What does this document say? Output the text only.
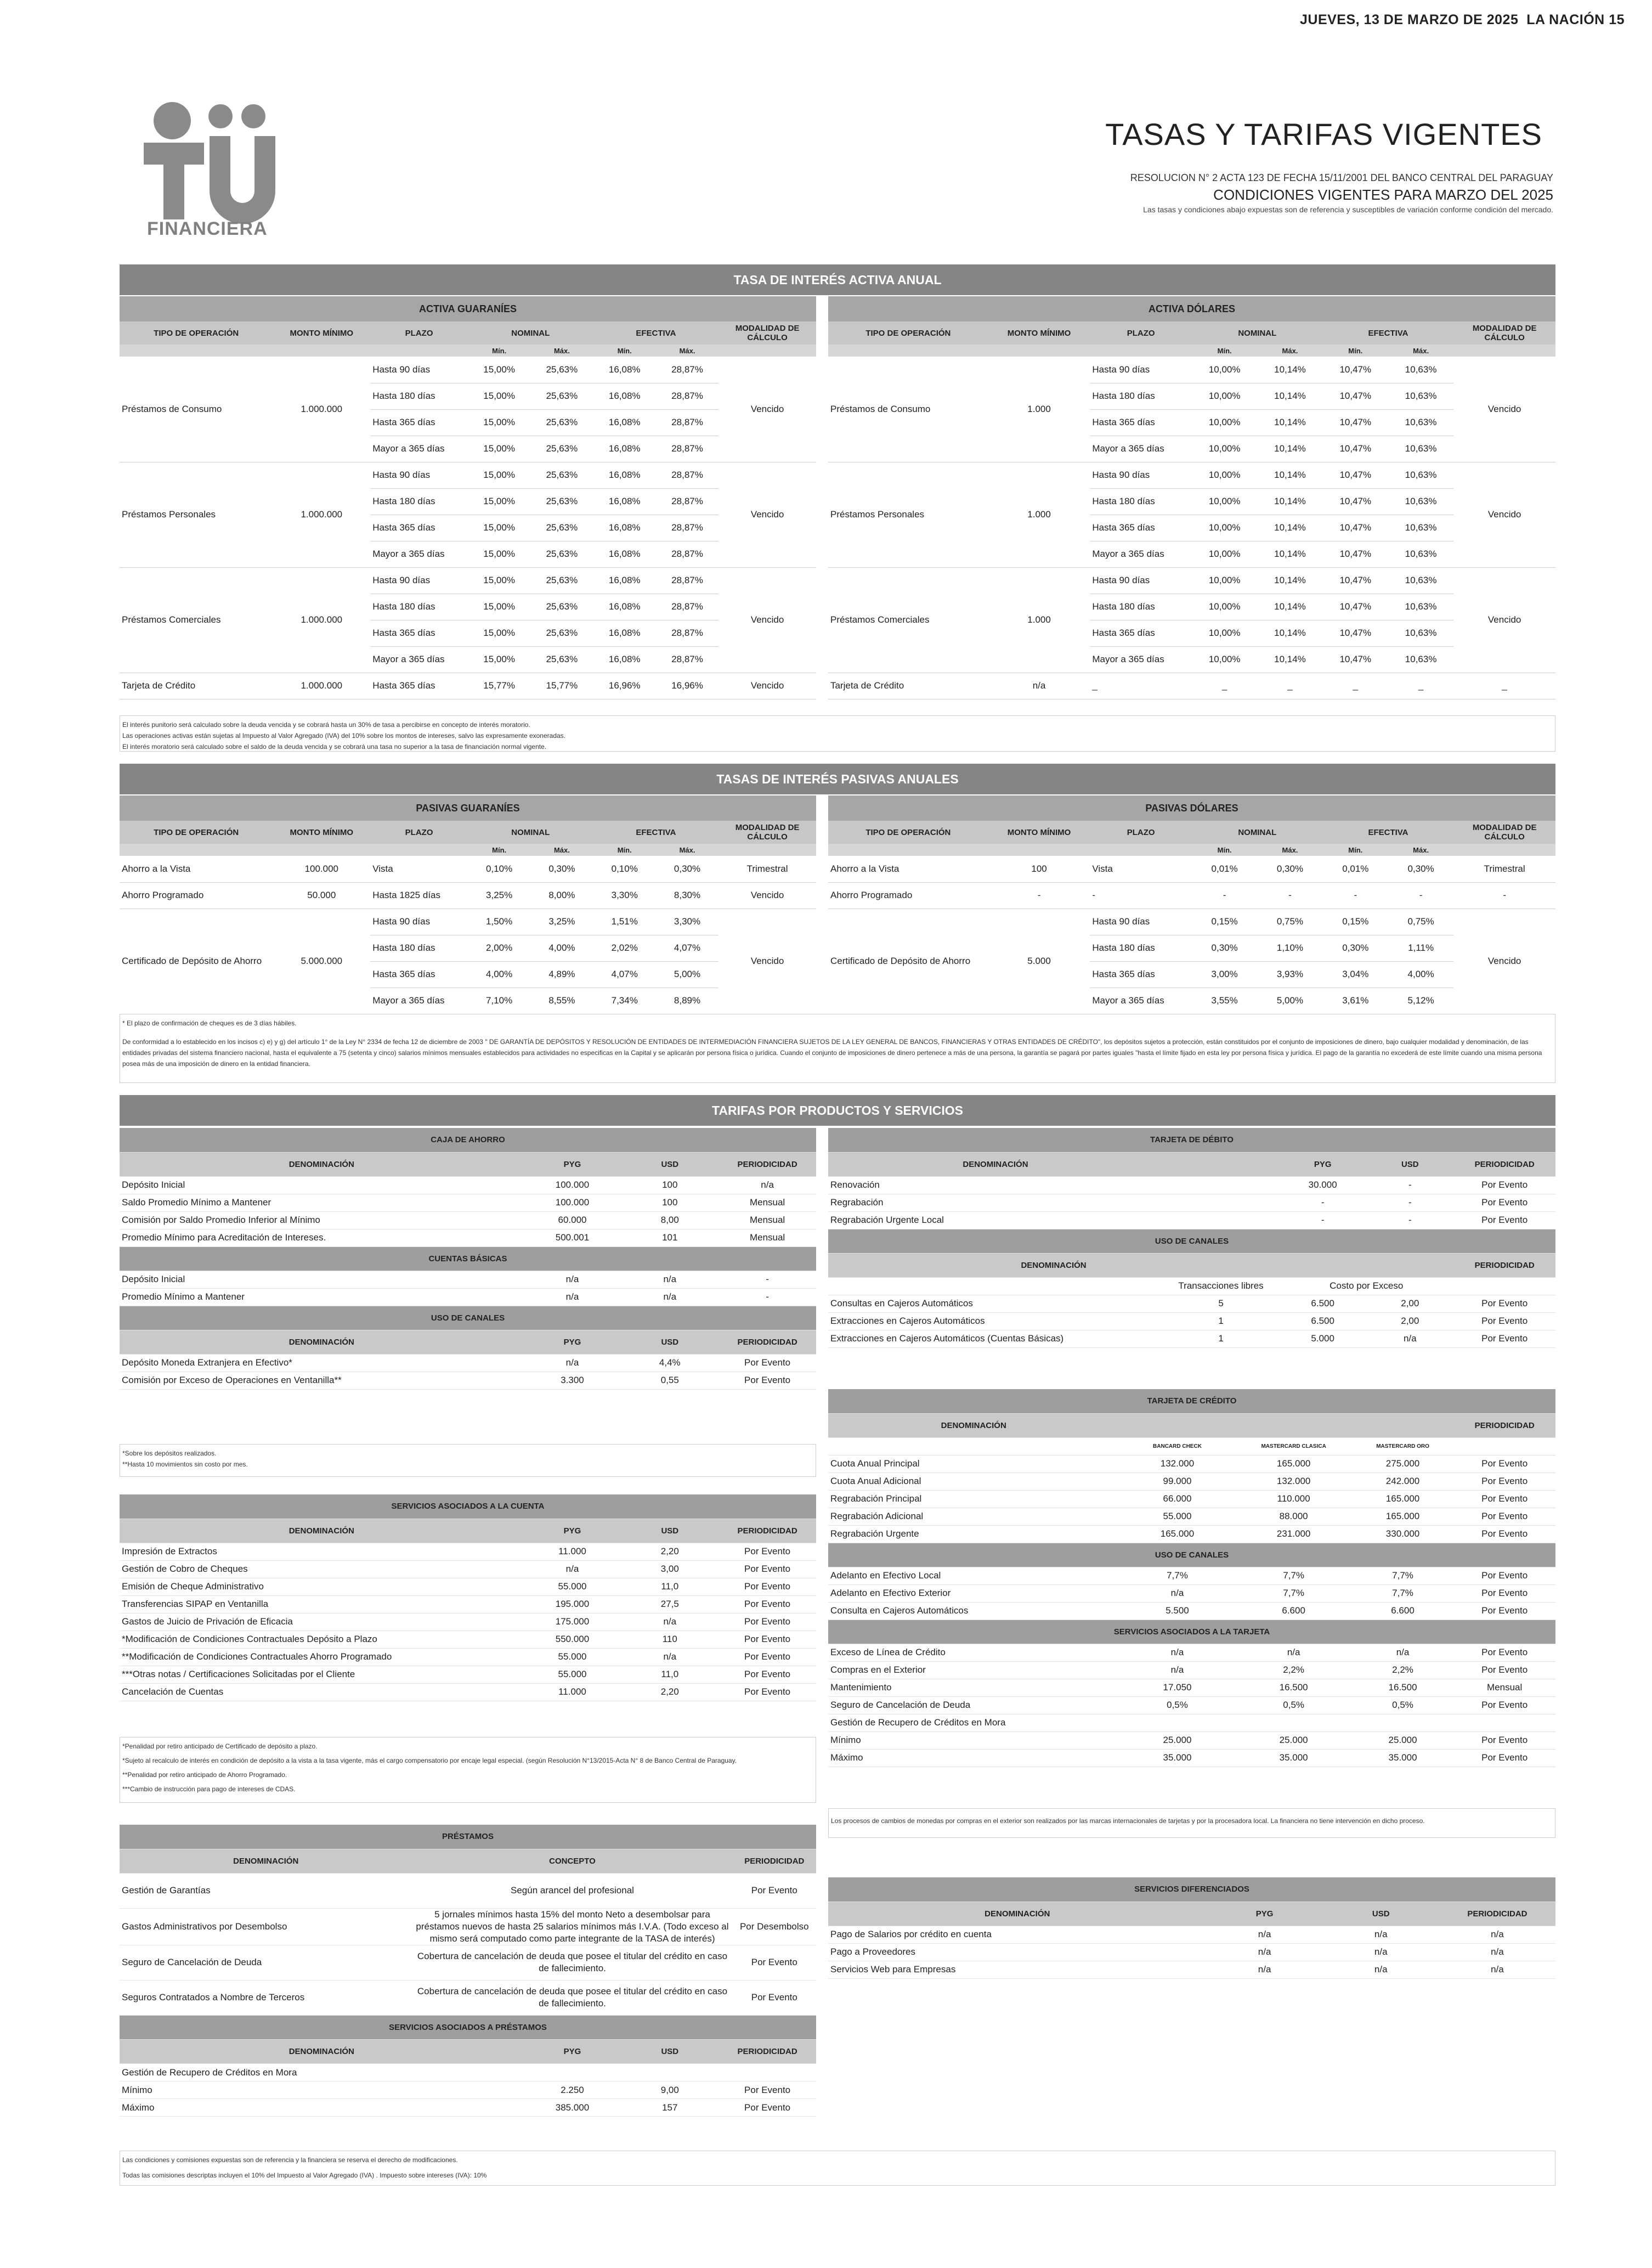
JUEVES, 13 DE MARZO DE 2025 LA NACIÓN 15
FINANCIERA
TASAS Y TARIFAS VIGENTES
RESOLUCION N° 2 ACTA 123 DE FECHA 15/11/2001 DEL BANCO CENTRAL DEL PARAGUAY
CONDICIONES VIGENTES PARA MARZO DEL 2025
Las tasas y condiciones abajo expuestas son de referencia y susceptibles de variación conforme condición del mercado.
TASA DE INTERÉS ACTIVA ANUAL
ACTIVA GUARANÍES							
TIPO DE OPERACIÓN	MONTO MÍNIMO	PLAZO	NOMINAL		EFECTIVA		MODALIDAD DE CÁLCULO
			Mín.	Máx.	Mín.	Máx.	
Préstamos de Consumo	1.000.000	Hasta 90 días	15,00%	25,63%	16,08%	28,87%	Vencido
		Hasta 180 días	15,00%	25,63%	16,08%	28,87%	
		Hasta 365 días	15,00%	25,63%	16,08%	28,87%	
		Mayor a 365 días	15,00%	25,63%	16,08%	28,87%	
Préstamos Personales	1.000.000	Hasta 90 días	15,00%	25,63%	16,08%	28,87%	Vencido
		Hasta 180 días	15,00%	25,63%	16,08%	28,87%	
		Hasta 365 días	15,00%	25,63%	16,08%	28,87%	
		Mayor a 365 días	15,00%	25,63%	16,08%	28,87%	
Préstamos Comerciales	1.000.000	Hasta 90 días	15,00%	25,63%	16,08%	28,87%	Vencido
		Hasta 180 días	15,00%	25,63%	16,08%	28,87%	
		Hasta 365 días	15,00%	25,63%	16,08%	28,87%	
		Mayor a 365 días	15,00%	25,63%	16,08%	28,87%	
Tarjeta de Crédito	1.000.000	Hasta 365 días	15,77%	15,77%	16,96%	16,96%	Vencido
ACTIVA DÓLARES							
TIPO DE OPERACIÓN	MONTO MÍNIMO	PLAZO	NOMINAL		EFECTIVA		MODALIDAD DE CÁLCULO
			Mín.	Máx.	Mín.	Máx.	
Préstamos de Consumo	1.000	Hasta 90 días	10,00%	10,14%	10,47%	10,63%	Vencido
		Hasta 180 días	10,00%	10,14%	10,47%	10,63%	
		Hasta 365 días	10,00%	10,14%	10,47%	10,63%	
		Mayor a 365 días	10,00%	10,14%	10,47%	10,63%	
Préstamos Personales	1.000	Hasta 90 días	10,00%	10,14%	10,47%	10,63%	Vencido
		Hasta 180 días	10,00%	10,14%	10,47%	10,63%	
		Hasta 365 días	10,00%	10,14%	10,47%	10,63%	
		Mayor a 365 días	10,00%	10,14%	10,47%	10,63%	
Préstamos Comerciales	1.000	Hasta 90 días	10,00%	10,14%	10,47%	10,63%	Vencido
		Hasta 180 días	10,00%	10,14%	10,47%	10,63%	
		Hasta 365 días	10,00%	10,14%	10,47%	10,63%	
		Mayor a 365 días	10,00%	10,14%	10,47%	10,63%	
Tarjeta de Crédito	n/a	_	_	_	_	_	_
El interés punitorio será calculado sobre la deuda vencida y se cobrará hasta un 30% de tasa a percibirse en concepto de interés moratorio.
Las operaciones activas están sujetas al Impuesto al Valor Agregado (IVA) del 10% sobre los montos de intereses, salvo las expresamente exoneradas.
El interés moratorio será calculado sobre el saldo de la deuda vencida y se cobrará una tasa no superior a la tasa de financiación normal vigente.
TASAS DE INTERÉS PASIVAS ANUALES
PASIVAS GUARANÍES							
TIPO DE OPERACIÓN	MONTO MÍNIMO	PLAZO	NOMINAL		EFECTIVA		MODALIDAD DE CÁLCULO
			Mín.	Máx.	Mín.	Máx.	
Ahorro a la Vista	100.000	Vista	0,10%	0,30%	0,10%	0,30%	Trimestral
Ahorro Programado	50.000	Hasta 1825 días	3,25%	8,00%	3,30%	8,30%	Vencido
Certificado de Depósito de Ahorro	5.000.000	Hasta 90 días	1,50%	3,25%	1,51%	3,30%	Vencido
		Hasta 180 días	2,00%	4,00%	2,02%	4,07%	
		Hasta 365 días	4,00%	4,89%	4,07%	5,00%	
		Mayor a 365 días	7,10%	8,55%	7,34%	8,89%	
PASIVAS DÓLARES							
TIPO DE OPERACIÓN	MONTO MÍNIMO	PLAZO	NOMINAL		EFECTIVA		MODALIDAD DE CÁLCULO
			Mín.	Máx.	Mín.	Máx.	
Ahorro a la Vista	100	Vista	0,01%	0,30%	0,01%	0,30%	Trimestral
Ahorro Programado	-	-	-	-	-	-	-
Certificado de Depósito de Ahorro	5.000	Hasta 90 días	0,15%	0,75%	0,15%	0,75%	Vencido
		Hasta 180 días	0,30%	1,10%	0,30%	1,11%	
		Hasta 365 días	3,00%	3,93%	3,04%	4,00%	
		Mayor a 365 días	3,55%	5,00%	3,61%	5,12%	
* El plazo de confirmación de cheques es de 3 días hábiles.
De conformidad a lo establecido en los incisos c) e) y g) del artículo 1° de la Ley N° 2334 de fecha 12 de diciembre de 2003 " DE GARANTÍA DE DEPÓSITOS Y RESOLUCIÓN DE ENTIDADES DE INTERMEDIACIÓN FINANCIERA SUJETOS DE LA LEY GENERAL DE BANCOS, FINANCIERAS Y OTRAS ENTIDADES DE CRÉDITO", los depósitos sujetos a protección, están constituidos por el conjunto de imposiciones de dinero, bajo cualquier modalidad y denominación, de las entidades privadas del sistema financiero nacional, hasta el equivalente a 75 (setenta y cinco) salarios mínimos mensuales establecidos para actividades no especificas en la Capital y se aplicarán por persona física o jurídica. Cuando el conjunto de imposiciones de dinero pertenece a más de una persona, la garantía se pagará por partes iguales "hasta el límite fijado en esta ley por persona física y jurídica. El pago de la garantía no excederá de este límite cuando una misma persona posea más de una imposición de dinero en la entidad financiera.
TARIFAS POR PRODUCTOS Y SERVICIOS
CAJA DE AHORRO			
DENOMINACIÓN	PYG	USD	PERIODICIDAD
Depósito Inicial	100.000	100	n/a
Saldo Promedio Mínimo a Mantener	100.000	100	Mensual
Comisión por Saldo Promedio Inferior al Mínimo	60.000	8,00	Mensual
Promedio Mínimo para Acreditación de Intereses.	500.001	101	Mensual
CUENTAS BÁSICAS			
Depósito Inicial	n/a	n/a	-
Promedio Mínimo a Mantener	n/a	n/a	-
USO DE CANALES			
DENOMINACIÓN	PYG	USD	PERIODICIDAD
Depósito Moneda Extranjera en Efectivo*	n/a	4,4%	Por Evento
Comisión por Exceso de Operaciones en Ventanilla**	3.300	0,55	Por Evento
*Sobre los depósitos realizados.
**Hasta 10 movimientos sin costo por mes.
SERVICIOS ASOCIADOS A LA CUENTA			
DENOMINACIÓN	PYG	USD	PERIODICIDAD
Impresión de Extractos	11.000	2,20	Por Evento
Gestión de Cobro de Cheques	n/a	3,00	Por Evento
Emisión de Cheque Administrativo	55.000	11,0	Por Evento
Transferencias SIPAP en Ventanilla	195.000	27,5	Por Evento
Gastos de Juicio de Privación de Eficacia	175.000	n/a	Por Evento
*Modificación de Condiciones Contractuales Depósito a Plazo	550.000	110	Por Evento
**Modificación de Condiciones Contractuales Ahorro Programado	55.000	n/a	Por Evento
***Otras notas / Certificaciones Solicitadas por el Cliente	55.000	11,0	Por Evento
Cancelación de Cuentas	11.000	2,20	Por Evento
*Penalidad por retiro anticipado de Certificado de depósito a plazo.
*Sujeto al recalculo de interés en condición de depósito a la vista a la tasa vigente, más el cargo compensatorio por encaje legal especial. (según Resolución N°13/2015-Acta N° 8 de Banco Central de Paraguay.
**Penalidad por retiro anticipado de Ahorro Programado.
***Cambio de instrucción para pago de intereses de CDAS.
PRÉSTAMOS		
DENOMINACIÓN	CONCEPTO	PERIODICIDAD
Gestión de Garantías	Según arancel del profesional	Por Evento
Gastos Administrativos por Desembolso	5 jornales mínimos hasta 15% del monto Neto a desembolsar para préstamos nuevos de hasta 25 salarios mínimos más I.V.A. (Todo exceso al mismo será computado como parte integrante de la TASA de interés)	Por Desembolso
Seguro de Cancelación de Deuda	Cobertura de cancelación de deuda que posee el titular del crédito en caso de fallecimiento.	Por Evento
Seguros Contratados a Nombre de Terceros	Cobertura de cancelación de deuda que posee el titular del crédito en caso de fallecimiento.	Por Evento
SERVICIOS ASOCIADOS A PRÉSTAMOS			
DENOMINACIÓN	PYG	USD	PERIODICIDAD
Gestión de Recupero de Créditos en Mora			
Mínimo	2.250	9,00	Por Evento
Máximo	385.000	157	Por Evento
Las condiciones y comisiones expuestas son de referencia y la financiera se reserva el derecho de modificaciones.
Todas las comisiones descriptas incluyen el 10% del Impuesto al Valor Agregado (IVA) . Impuesto sobre intereses (IVA): 10%
TARJETA DE DÉBITO				
DENOMINACIÓN		PYG	USD	PERIODICIDAD
Renovación		30.000	-	Por Evento
Regrabación		-	-	Por Evento
Regrabación Urgente Local		-	-	Por Evento
USO DE CANALES				
DENOMINACIÓN				PERIODICIDAD
	Transacciones libres	Costo por Exceso		
Consultas en Cajeros Automáticos	5	6.500	2,00	Por Evento
Extracciones en Cajeros Automáticos	1	6.500	2,00	Por Evento
Extracciones en Cajeros Automáticos (Cuentas Básicas)	1	5.000	n/a	Por Evento
TARJETA DE CRÉDITO				
DENOMINACIÓN				PERIODICIDAD
	BANCARD CHECK	MASTERCARD CLASICA	MASTERCARD ORO	
Cuota Anual Principal	132.000	165.000	275.000	Por Evento
Cuota Anual Adicional	99.000	132.000	242.000	Por Evento
Regrabación Principal	66.000	110.000	165.000	Por Evento
Regrabación Adicional	55.000	88.000	165.000	Por Evento
Regrabación Urgente	165.000	231.000	330.000	Por Evento
USO DE CANALES				
Adelanto en Efectivo Local	7,7%	7,7%	7,7%	Por Evento
Adelanto en Efectivo Exterior	n/a	7,7%	7,7%	Por Evento
Consulta en Cajeros Automáticos	5.500	6.600	6.600	Por Evento
SERVICIOS ASOCIADOS A LA TARJETA				
Exceso de Línea de Crédito	n/a	n/a	n/a	Por Evento
Compras en el Exterior	n/a	2,2%	2,2%	Por Evento
Mantenimiento	17.050	16.500	16.500	Mensual
Seguro de Cancelación de Deuda	0,5%	0,5%	0,5%	Por Evento
Gestión de Recupero de Créditos en Mora				
Mínimo	25.000	25.000	25.000	Por Evento
Máximo	35.000	35.000	35.000	Por Evento
Los procesos de cambios de monedas por compras en el exterior son realizados por las marcas internacionales de tarjetas y por la procesadora local. La financiera no tiene intervención en dicho proceso.
SERVICIOS DIFERENCIADOS			
DENOMINACIÓN	PYG	USD	PERIODICIDAD
Pago de Salarios por crédito en cuenta	n/a	n/a	n/a
Pago a Proveedores	n/a	n/a	n/a
Servicios Web para Empresas	n/a	n/a	n/a
